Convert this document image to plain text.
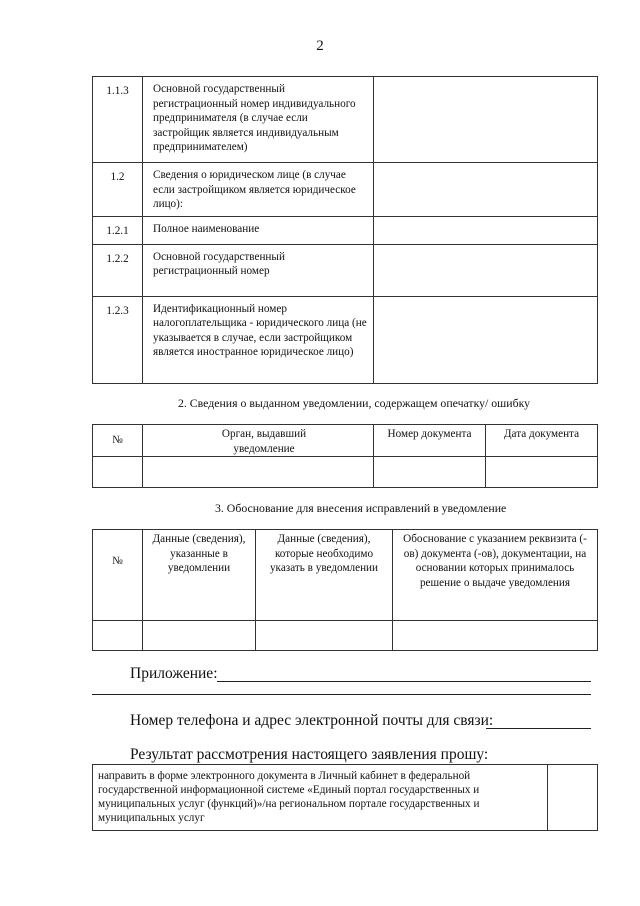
2
1.1.3	Основной государственный регистрационный номер индивидуального предпринимателя (в случае если застройщик является индивидуальным предпринимателем)	
1.2	Сведения о юридическом лице (в случае если застройщиком является юридическое лицо):	
1.2.1	Полное наименование	
1.2.2	Основной государственный регистрационный номер	
1.2.3	Идентификационный номер налогоплательщика - юридического лица (не указывается в случае, если застройщиком является иностранное юридическое лицо)	
2. Сведения о выданном уведомлении, содержащем опечатку/ ошибку
№	Орган, выдавший уведомление	Номер документа	Дата документа

3. Обоснование для внесения исправлений в уведомление
№	Данные (сведения), указанные в уведомлении	Данные (сведения), которые необходимо указать в уведомлении	Обоснование с указанием реквизита (-ов) документа (-ов), документации, на основании которых принималось решение о выдаче уведомления

Приложение:
Номер телефона и адрес электронной почты для связи:
Результат рассмотрения настоящего заявления прошу:
направить в форме электронного документа в Личный кабинет в федеральной государственной информационной системе «Единый портал государственных и муниципальных услуг (функций)»/на региональном портале государственных и муниципальных услуг	
